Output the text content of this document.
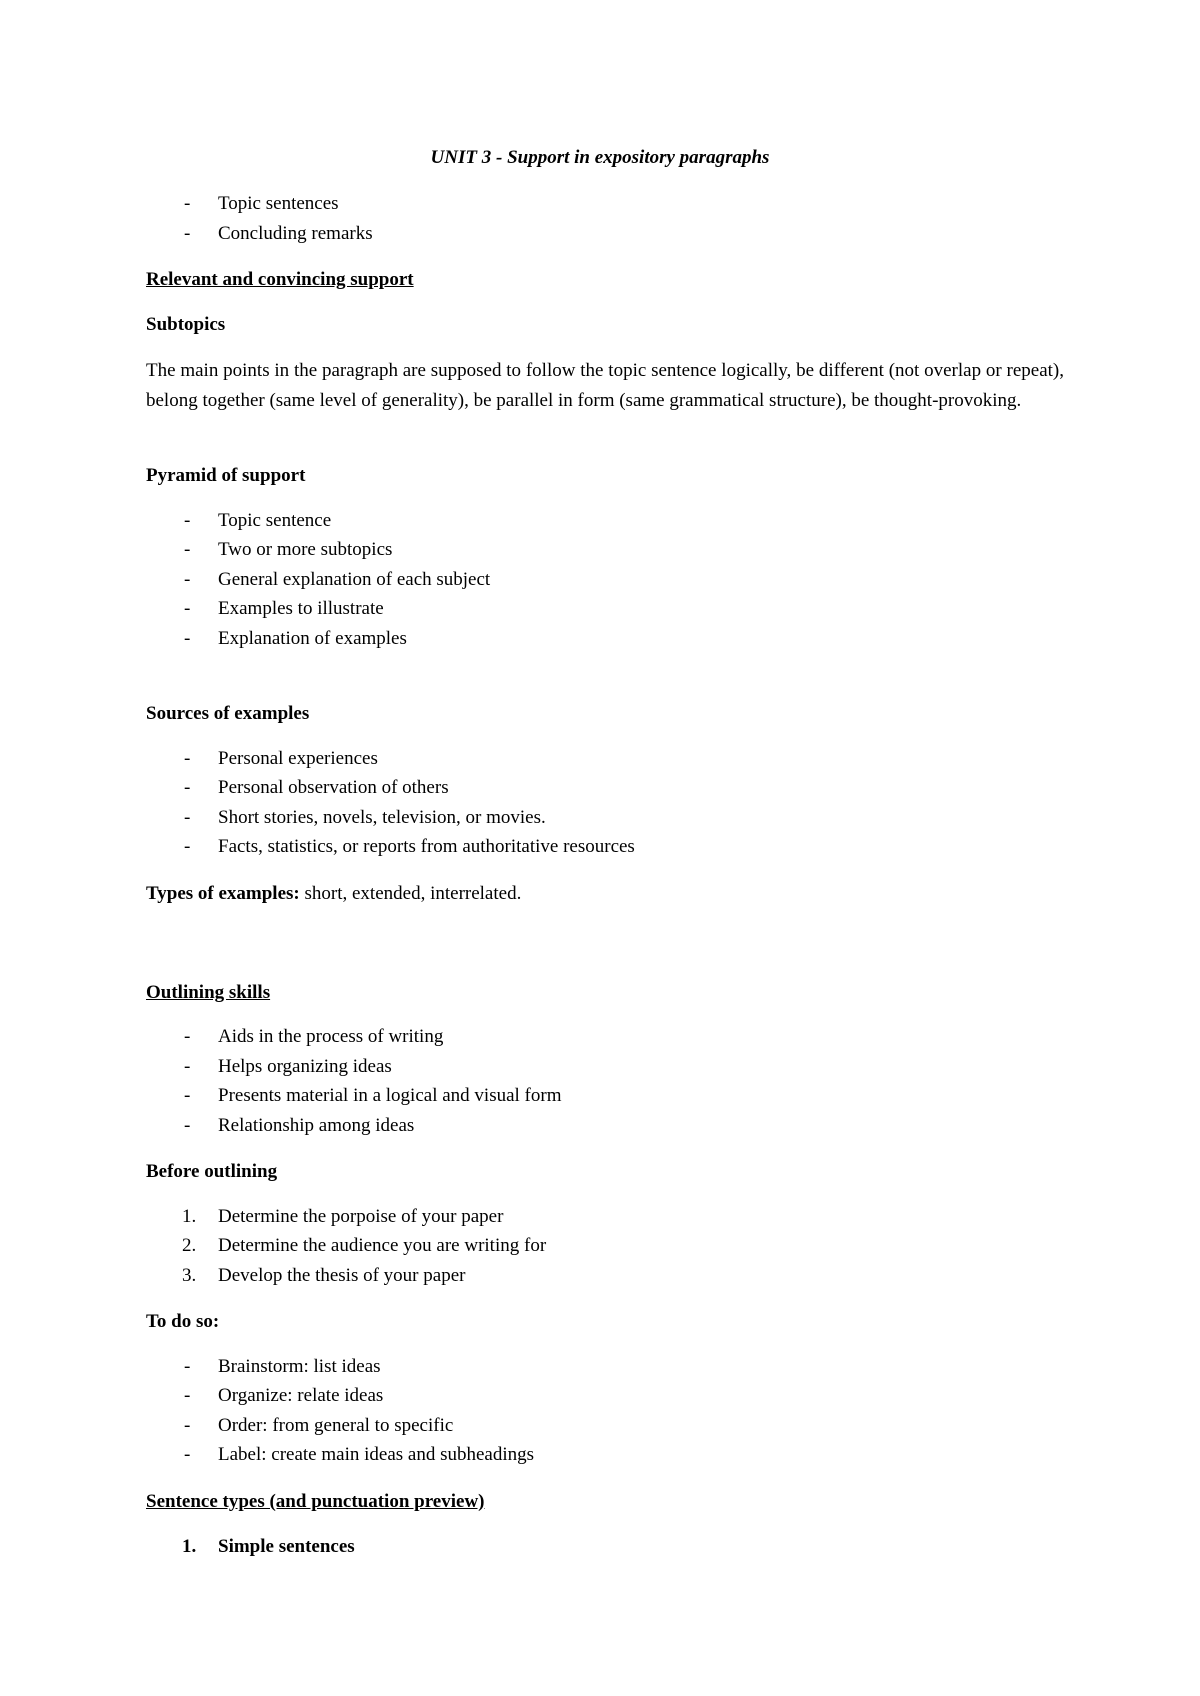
UNIT 3 - Support in expository paragraphs
- Topic sentences
- Concluding remarks
Relevant and convincing support
Subtopics
The main points in the paragraph are supposed to follow the topic sentence logically, be different (not overlap or repeat), belong together (same level of generality), be parallel in form (same grammatical structure), be thought-provoking.
Pyramid of support
- Topic sentence
- Two or more subtopics
- General explanation of each subject
- Examples to illustrate
- Explanation of examples
Sources of examples
- Personal experiences
- Personal observation of others
- Short stories, novels, television, or movies.
- Facts, statistics, or reports from authoritative resources
Types of examples: short, extended, interrelated.
Outlining skills
- Aids in the process of writing
- Helps organizing ideas
- Presents material in a logical and visual form
- Relationship among ideas
Before outlining
1. Determine the porpoise of your paper
2. Determine the audience you are writing for
3. Develop the thesis of your paper
To do so:
- Brainstorm: list ideas
- Organize: relate ideas
- Order: from general to specific
- Label: create main ideas and subheadings
Sentence types (and punctuation preview)
1. Simple sentences
